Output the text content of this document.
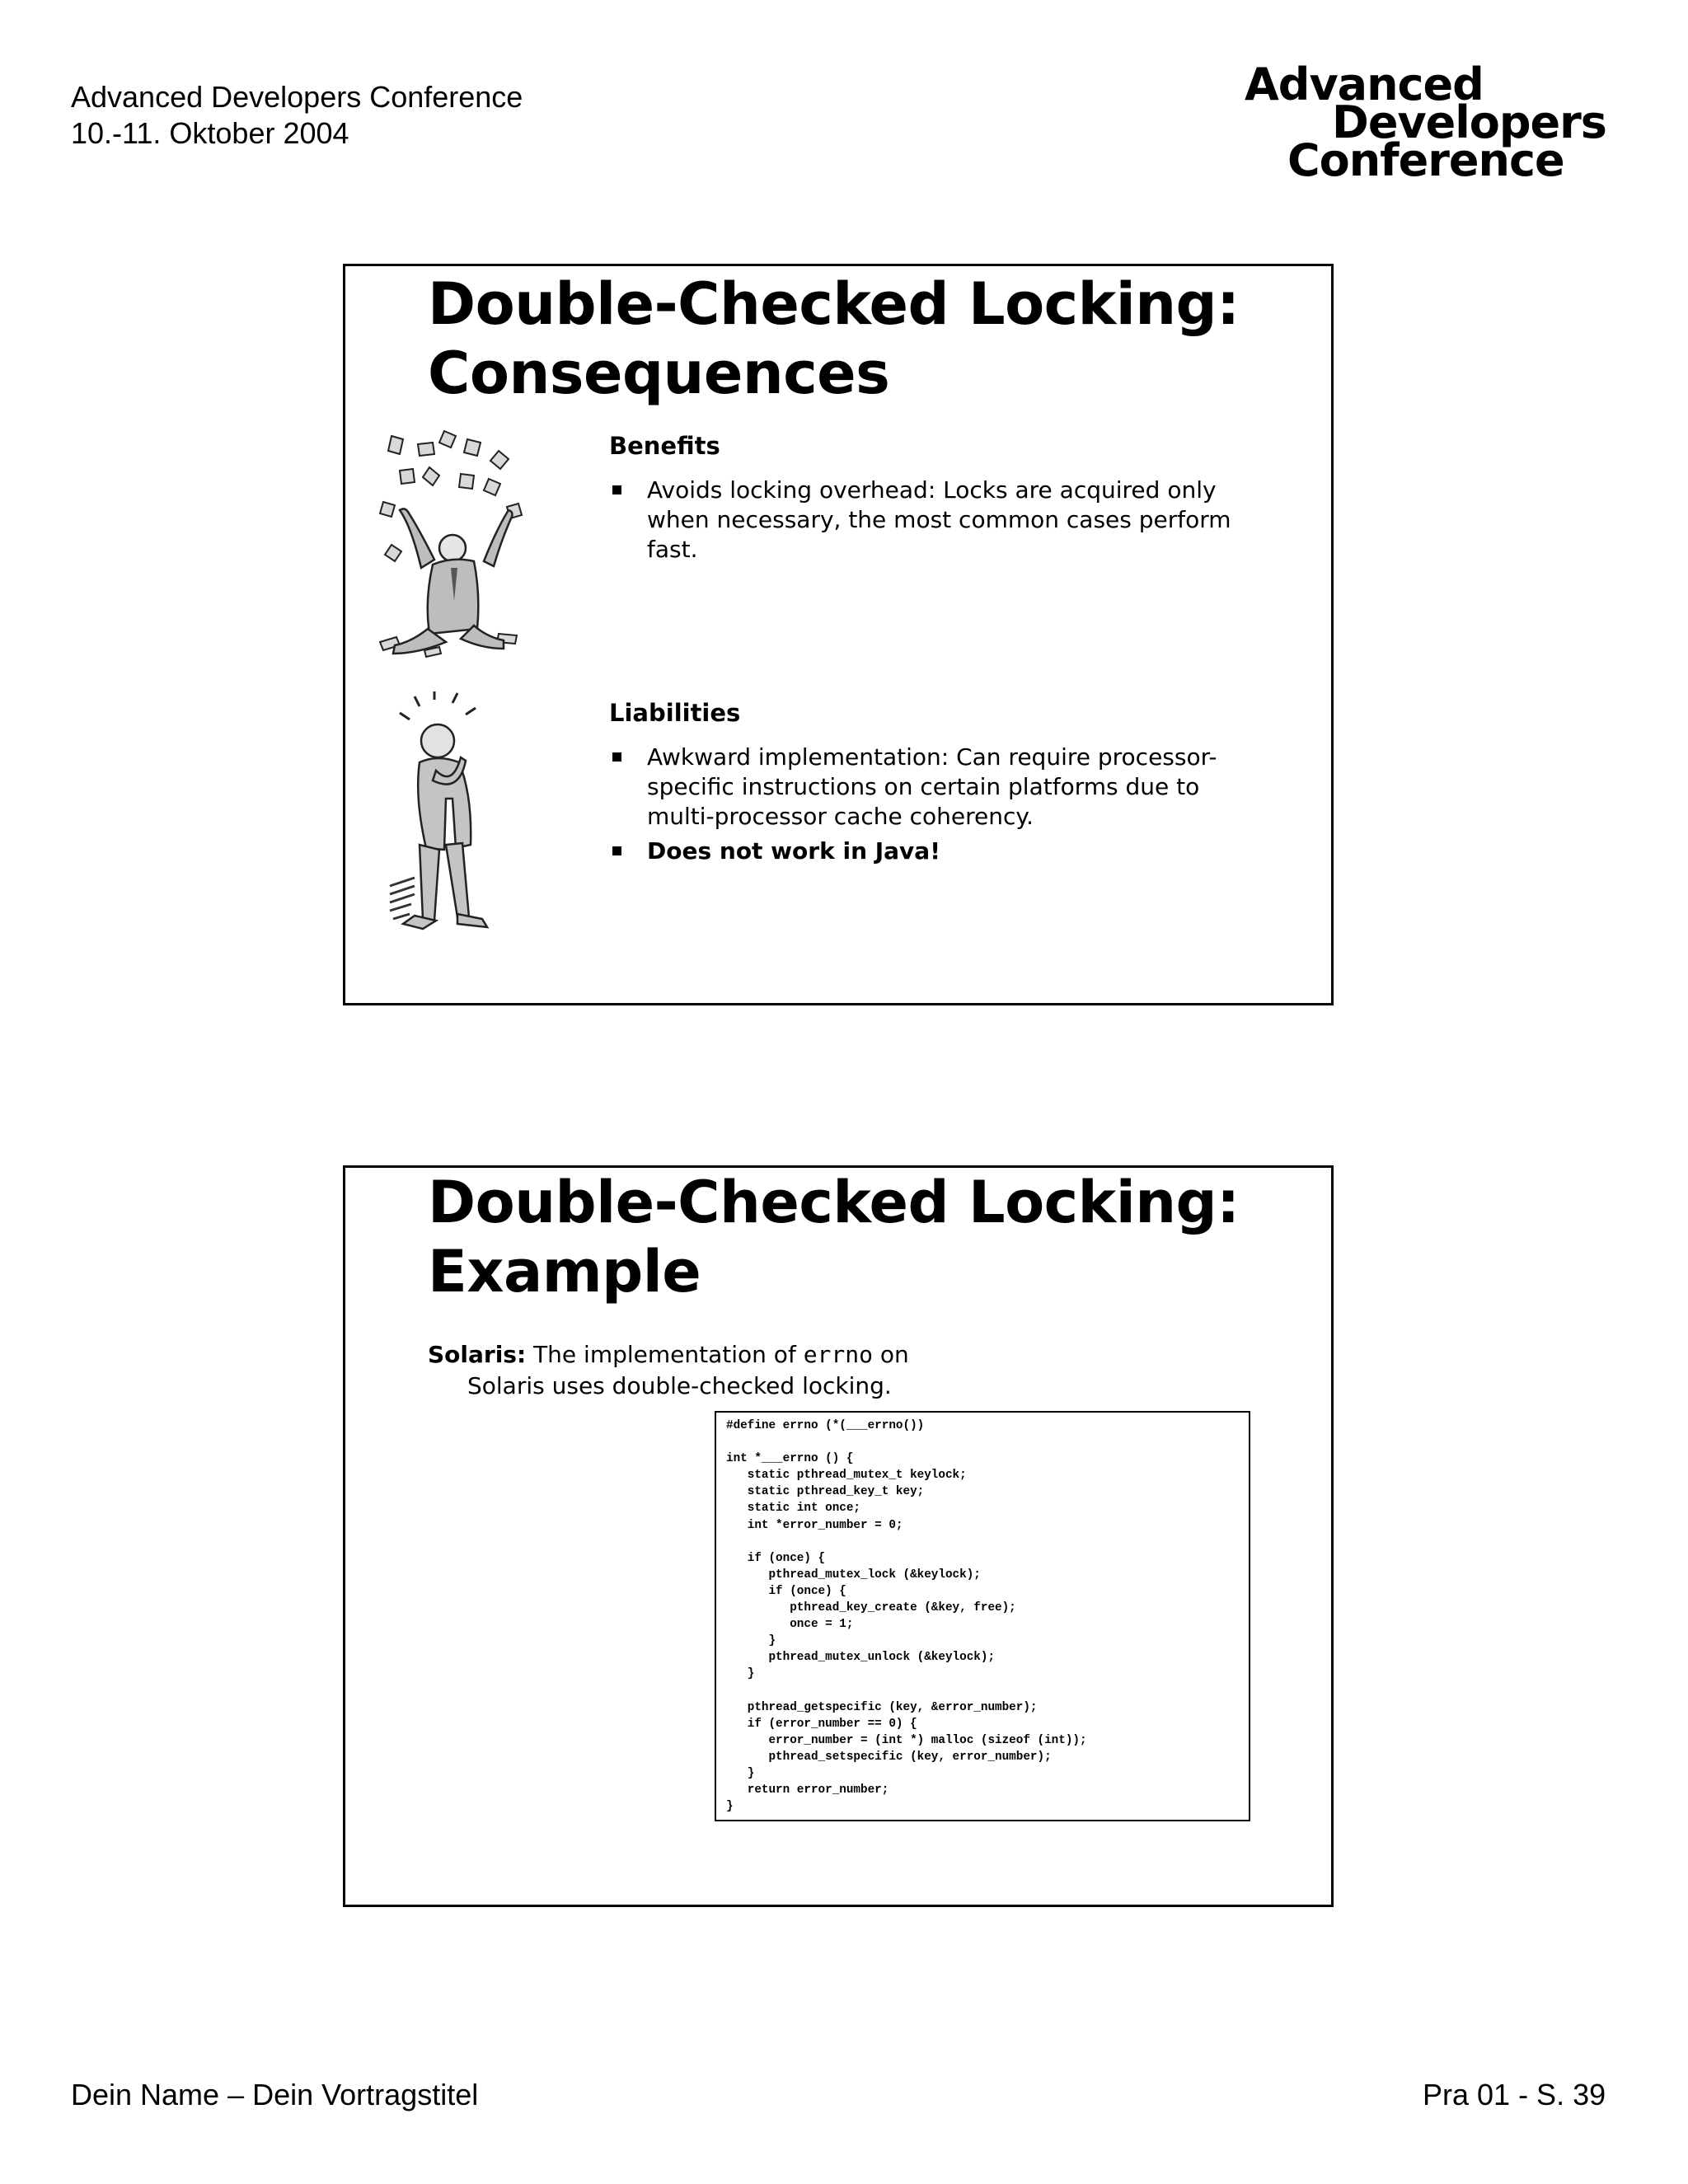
Advanced Developers Conference
10.-11. Oktober 2004
Advanced
Developers
Conference
Double-Checked Locking:
Consequences
Benefits
Avoids locking overhead: Locks are acquired only when necessary, the most common cases perform fast.
Liabilities
Awkward implementation: Can require processor-specific instructions on certain platforms due to multi-processor cache coherency.
Does not work in Java!
Double-Checked Locking:
Example
Solaris: The implementation of errno on
Solaris uses double-checked locking.
#define errno (*(___errno())

int *___errno () {
static pthread_mutex_t keylock;
static pthread_key_t key;
static int once;
int *error_number = 0;

if (once) {
pthread_mutex_lock (&keylock);
if (once) {
pthread_key_create (&key, free);
once = 1;
}
pthread_mutex_unlock (&keylock);
}

pthread_getspecific (key, &error_number);
if (error_number == 0) {
error_number = (int *) malloc (sizeof (int));
pthread_setspecific (key, error_number);
}
return error_number;
}
Dein Name – Dein Vortragstitel	Pra 01 - S. 39
